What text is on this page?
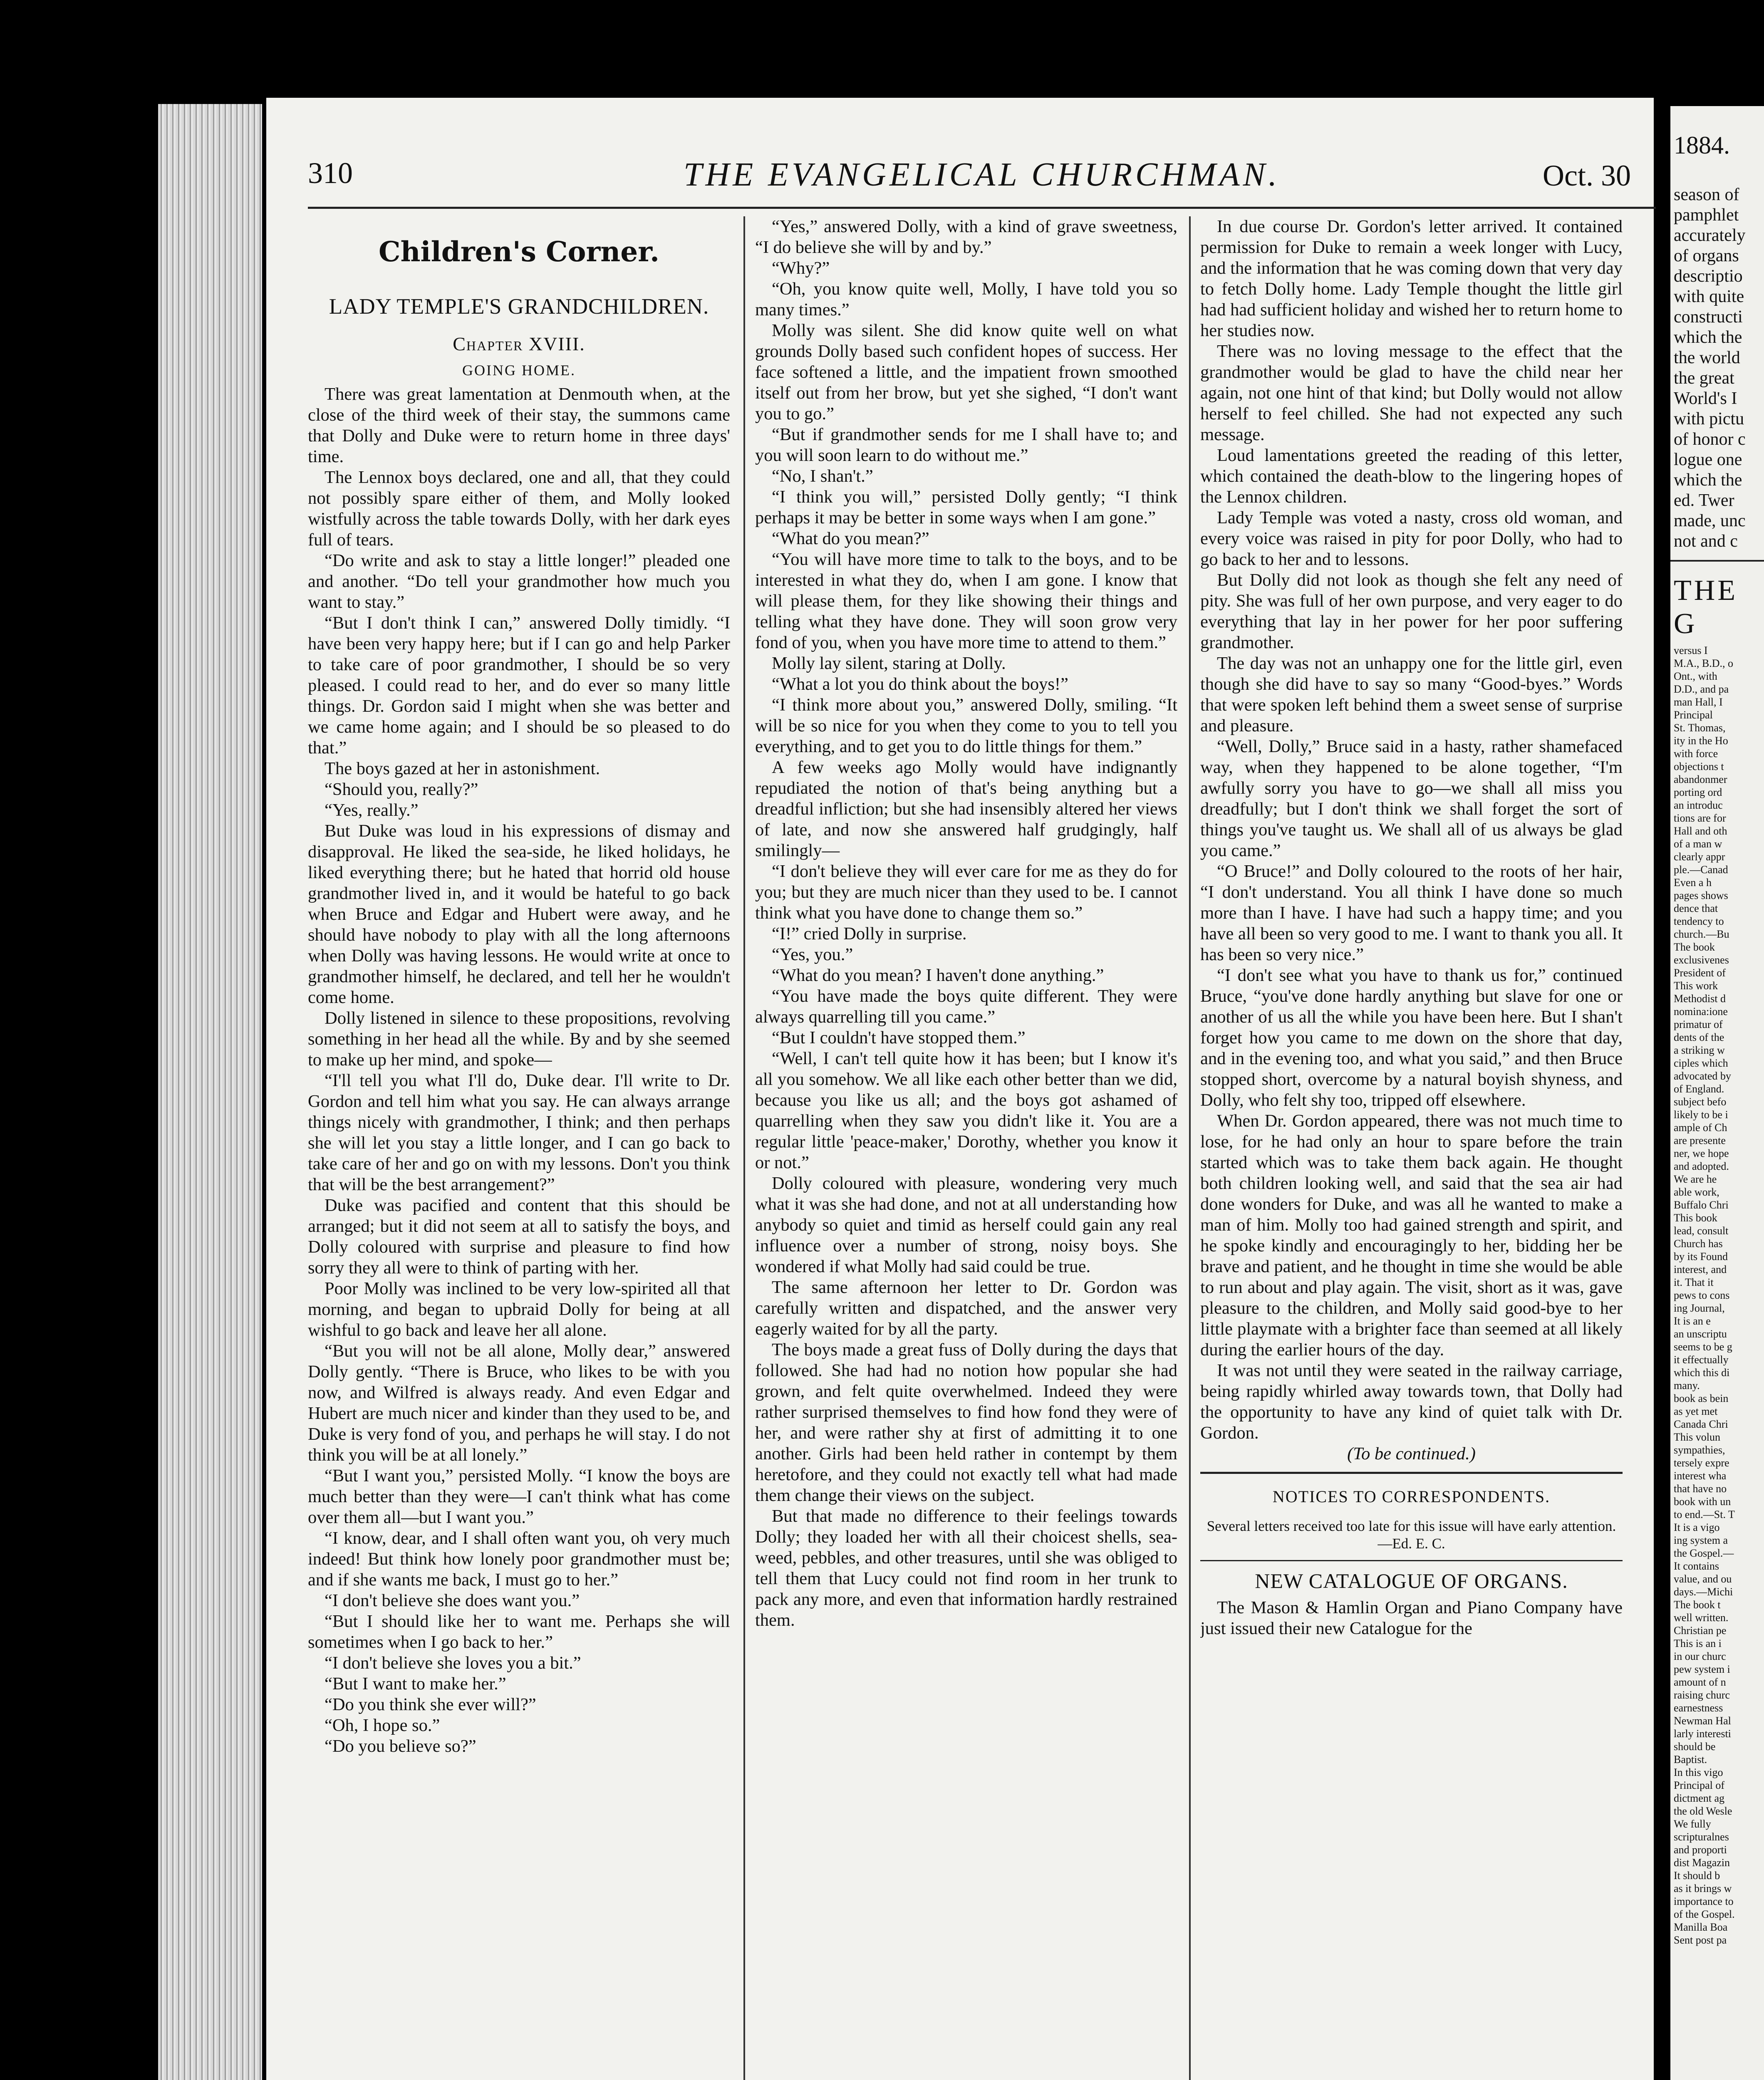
310	THE EVANGELICAL CHURCHMAN.	Oct. 30
Children's Corner.
LADY TEMPLE'S GRANDCHILDREN.
Chapter XVIII.
GOING HOME.

There was great lamentation at Denmouth when, at the close of the third week of their stay, the summons came that Dolly and Duke were to return home in three days' time.

The Lennox boys declared, one and all, that they could not possibly spare either of them, and Molly looked wistfully across the table towards Dolly, with her dark eyes full of tears.

“Do write and ask to stay a little longer!” pleaded one and another. “Do tell your grandmother how much you want to stay.”

“But I don't think I can,” answered Dolly timidly. “I have been very happy here; but if I can go and help Parker to take care of poor grandmother, I should be so very pleased. I could read to her, and do ever so many little things. Dr. Gordon said I might when she was better and we came home again; and I should be so pleased to do that.”

The boys gazed at her in astonishment.

“Should you, really?”

“Yes, really.”

But Duke was loud in his expressions of dismay and disapproval. He liked the sea-side, he liked holidays, he liked everything there; but he hated that horrid old house grandmother lived in, and it would be hateful to go back when Bruce and Edgar and Hubert were away, and he should have nobody to play with all the long afternoons when Dolly was having lessons. He would write at once to grandmother himself, he declared, and tell her he wouldn't come home.

Dolly listened in silence to these propositions, revolving something in her head all the while. By and by she seemed to make up her mind, and spoke—

“I'll tell you what I'll do, Duke dear. I'll write to Dr. Gordon and tell him what you say. He can always arrange things nicely with grandmother, I think; and then perhaps she will let you stay a little longer, and I can go back to take care of her and go on with my lessons. Don't you think that will be the best arrangement?”

Duke was pacified and content that this should be arranged; but it did not seem at all to satisfy the boys, and Dolly coloured with surprise and pleasure to find how sorry they all were to think of parting with her.

Poor Molly was inclined to be very low-spirited all that morning, and began to upbraid Dolly for being at all wishful to go back and leave her all alone.

“But you will not be all alone, Molly dear,” answered Dolly gently. “There is Bruce, who likes to be with you now, and Wilfred is always ready. And even Edgar and Hubert are much nicer and kinder than they used to be, and Duke is very fond of you, and perhaps he will stay. I do not think you will be at all lonely.”

“But I want you,” persisted Molly. “I know the boys are much better than they were—I can't think what has come over them all—but I want you.”

“I know, dear, and I shall often want you, oh very much indeed! But think how lonely poor grandmother must be; and if she wants me back, I must go to her.”

“I don't believe she does want you.”

“But I should like her to want me. Perhaps she will sometimes when I go back to her.”

“I don't believe she loves you a bit.”

“But I want to make her.”

“Do you think she ever will?”

“Oh, I hope so.”

“Do you believe so?”

“Yes,” answered Dolly, with a kind of grave sweetness, “I do believe she will by and by.”

“Why?”

“Oh, you know quite well, Molly, I have told you so many times.”

Molly was silent. She did know quite well on what grounds Dolly based such confident hopes of success. Her face softened a little, and the impatient frown smoothed itself out from her brow, but yet she sighed, “I don't want you to go.”

“But if grandmother sends for me I shall have to; and you will soon learn to do without me.”

“No, I shan't.”

“I think you will,” persisted Dolly gently; “I think perhaps it may be better in some ways when I am gone.”

“What do you mean?”

“You will have more time to talk to the boys, and to be interested in what they do, when I am gone. I know that will please them, for they like showing their things and telling what they have done. They will soon grow very fond of you, when you have more time to attend to them.”

Molly lay silent, staring at Dolly.

“What a lot you do think about the boys!”

“I think more about you,” answered Dolly, smiling. “It will be so nice for you when they come to you to tell you everything, and to get you to do little things for them.”

A few weeks ago Molly would have indignantly repudiated the notion of that's being anything but a dreadful infliction; but she had insensibly altered her views of late, and now she answered half grudgingly, half smilingly—

“I don't believe they will ever care for me as they do for you; but they are much nicer than they used to be. I cannot think what you have done to change them so.”

“I!” cried Dolly in surprise.

“Yes, you.”

“What do you mean? I haven't done anything.”

“You have made the boys quite different. They were always quarrelling till you came.”

“But I couldn't have stopped them.”

“Well, I can't tell quite how it has been; but I know it's all you somehow. We all like each other better than we did, because you like us all; and the boys got ashamed of quarrelling when they saw you didn't like it. You are a regular little 'peace-maker,' Dorothy, whether you know it or not.”

Dolly coloured with pleasure, wondering very much what it was she had done, and not at all understanding how anybody so quiet and timid as herself could gain any real influence over a number of strong, noisy boys. She wondered if what Molly had said could be true.

The same afternoon her letter to Dr. Gordon was carefully written and dispatched, and the answer very eagerly waited for by all the party.

The boys made a great fuss of Dolly during the days that followed. She had had no notion how popular she had grown, and felt quite overwhelmed. Indeed they were rather surprised themselves to find how fond they were of her, and were rather shy at first of admitting it to one another. Girls had been held rather in contempt by them heretofore, and they could not exactly tell what had made them change their views on the subject.

But that made no difference to their feelings towards Dolly; they loaded her with all their choicest shells, sea-weed, pebbles, and other treasures, until she was obliged to tell them that Lucy could not find room in her trunk to pack any more, and even that information hardly restrained them.

In due course Dr. Gordon's letter arrived. It contained permission for Duke to remain a week longer with Lucy, and the information that he was coming down that very day to fetch Dolly home. Lady Temple thought the little girl had had sufficient holiday and wished her to return home to her studies now.

There was no loving message to the effect that the grandmother would be glad to have the child near her again, not one hint of that kind; but Dolly would not allow herself to feel chilled. She had not expected any such message.

Loud lamentations greeted the reading of this letter, which contained the death-blow to the lingering hopes of the Lennox children.

Lady Temple was voted a nasty, cross old woman, and every voice was raised in pity for poor Dolly, who had to go back to her and to lessons.

But Dolly did not look as though she felt any need of pity. She was full of her own purpose, and very eager to do everything that lay in her power for her poor suffering grandmother.

The day was not an unhappy one for the little girl, even though she did have to say so many “Good-byes.” Words that were spoken left behind them a sweet sense of surprise and pleasure.

“Well, Dolly,” Bruce said in a hasty, rather shamefaced way, when they happened to be alone together, “I'm awfully sorry you have to go—we shall all miss you dreadfully; but I don't think we shall forget the sort of things you've taught us. We shall all of us always be glad you came.”

“O Bruce!” and Dolly coloured to the roots of her hair, “I don't understand. You all think I have done so much more than I have. I have had such a happy time; and you have all been so very good to me. I want to thank you all. It has been so very nice.”

“I don't see what you have to thank us for,” continued Bruce, “you've done hardly anything but slave for one or another of us all the while you have been here. But I shan't forget how you came to me down on the shore that day, and in the evening too, and what you said,” and then Bruce stopped short, overcome by a natural boyish shyness, and Dolly, who felt shy too, tripped off elsewhere.

When Dr. Gordon appeared, there was not much time to lose, for he had only an hour to spare before the train started which was to take them back again. He thought both children looking well, and said that the sea air had done wonders for Duke, and was all he wanted to make a man of him. Molly too had gained strength and spirit, and he spoke kindly and encouragingly to her, bidding her be brave and patient, and he thought in time she would be able to run about and play again. The visit, short as it was, gave pleasure to the children, and Molly said good-bye to her little playmate with a brighter face than seemed at all likely during the earlier hours of the day.

It was not until they were seated in the railway carriage, being rapidly whirled away towards town, that Dolly had the opportunity to have any kind of quiet talk with Dr. Gordon.

(To be continued.)

NOTICES TO CORRESPONDENTS.

Several letters received too late for this issue will have early attention.—Ed. E. C.

NEW CATALOGUE OF ORGANS.

The Mason & Hamlin Organ and Piano Company have just issued their new Catalogue for the

1884.
season of
pamphlet
accurately
of organs
descriptio
with quite
constructi
which the
the world
the great
World's I
with pictu
of honor c
logue one
which the
ed. Twer
made, unc
not and c
THE G
versus I
M.A., B.D., o
Ont., with
D.D., and pa
man Hall, I
Principal
St. Thomas,
ity in the Ho
with force
objections t
abandonmer
porting ord
an introduc
tions are for
Hall and oth
of a man w
clearly appr
ple.—Canad
Even a h
pages shows
dence that
tendency to
church.—Bu
The book
exclusivenes
President of
This work
Methodist d
nomina:ione
primatur of
dents of the
a striking w
ciples which
advocated by
of England.
subject befo
likely to be i
ample of Ch
are presente
ner, we hope
and adopted.
We are he
able work,
Buffalo Chri
This book
lead, consult
Church has
by its Found
interest, and
it. That it
pews to cons
ing Journal,
It is an e
an unscriptu
seems to be g
it effectually
which this di
many.
book as bein
as yet met
Canada Chri
This volun
sympathies,
tersely expre
interest wha
that have no
book with un
to end.—St. T
It is a vigo
ing system a
the Gospel.—
It contains
value, and ou
days.—Michi
The book t
well written.
Christian pe
This is an i
in our churc
pew system i
amount of n
raising churc
earnestness
Newman Hal
larly interesti
should be
Baptist.
In this vigo
Principal of
dictment ag
the old Wesle
We fully
scripturalnes
and proporti
dist Magazin
It should b
as it brings w
importance to
of the Gospel.
Manilla Boa
Sent post pa
